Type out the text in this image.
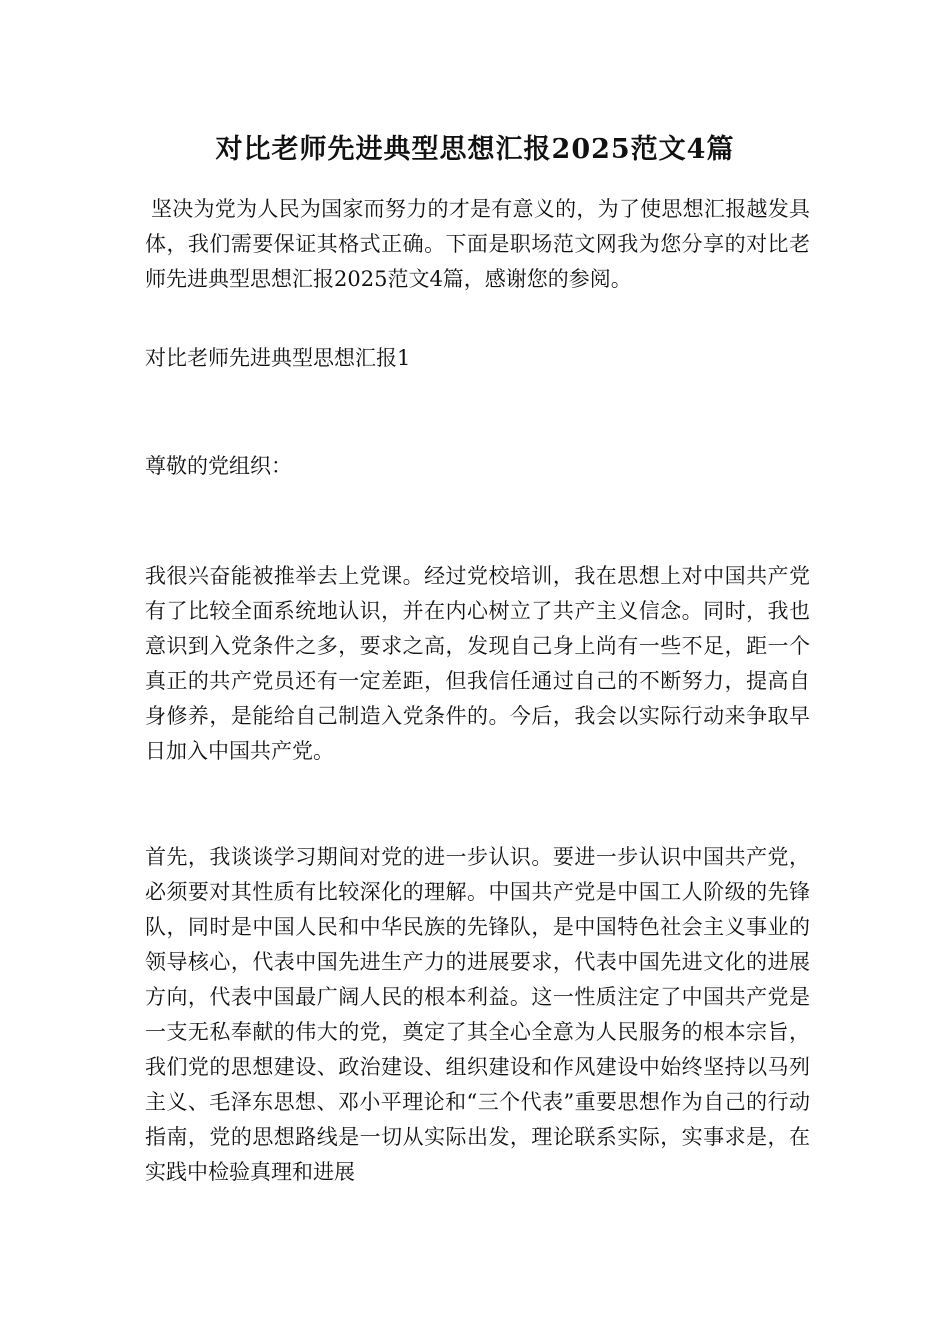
对比老师先进典型思想汇报2025范文4篇

坚决为党为人民为国家而努力的才是有意义的，为了使思想汇报越发具体，我们需要保证其格式正确。下面是职场范文网我为您分享的对比老师先进典型思想汇报2025范文4篇，感谢您的参阅。

对比老师先进典型思想汇报1

尊敬的党组织：

我很兴奋能被推举去上党课。经过党校培训，我在思想上对中国共产党有了比较全面系统地认识，并在内心树立了共产主义信念。同时，我也意识到入党条件之多，要求之高，发现自己身上尚有一些不足，距一个真正的共产党员还有一定差距，但我信任通过自己的不断努力，提高自身修养，是能给自己制造入党条件的。今后，我会以实际行动来争取早日加入中国共产党。

首先，我谈谈学习期间对党的进一步认识。要进一步认识中国共产党，必须要对其性质有比较深化的理解。中国共产党是中国工人阶级的先锋队，同时是中国人民和中华民族的先锋队，是中国特色社会主义事业的领导核心，代表中国先进生产力的进展要求，代表中国先进文化的进展方向，代表中国最广阔人民的根本利益。这一性质注定了中国共产党是一支无私奉献的伟大的党，奠定了其全心全意为人民服务的根本宗旨，我们党的思想建设、政治建设、组织建设和作风建设中始终坚持以马列主义、毛泽东思想、邓小平理论和“三个代表”重要思想作为自己的行动指南，党的思想路线是一切从实际出发，理论联系实际，实事求是，在实践中检验真理和进展
